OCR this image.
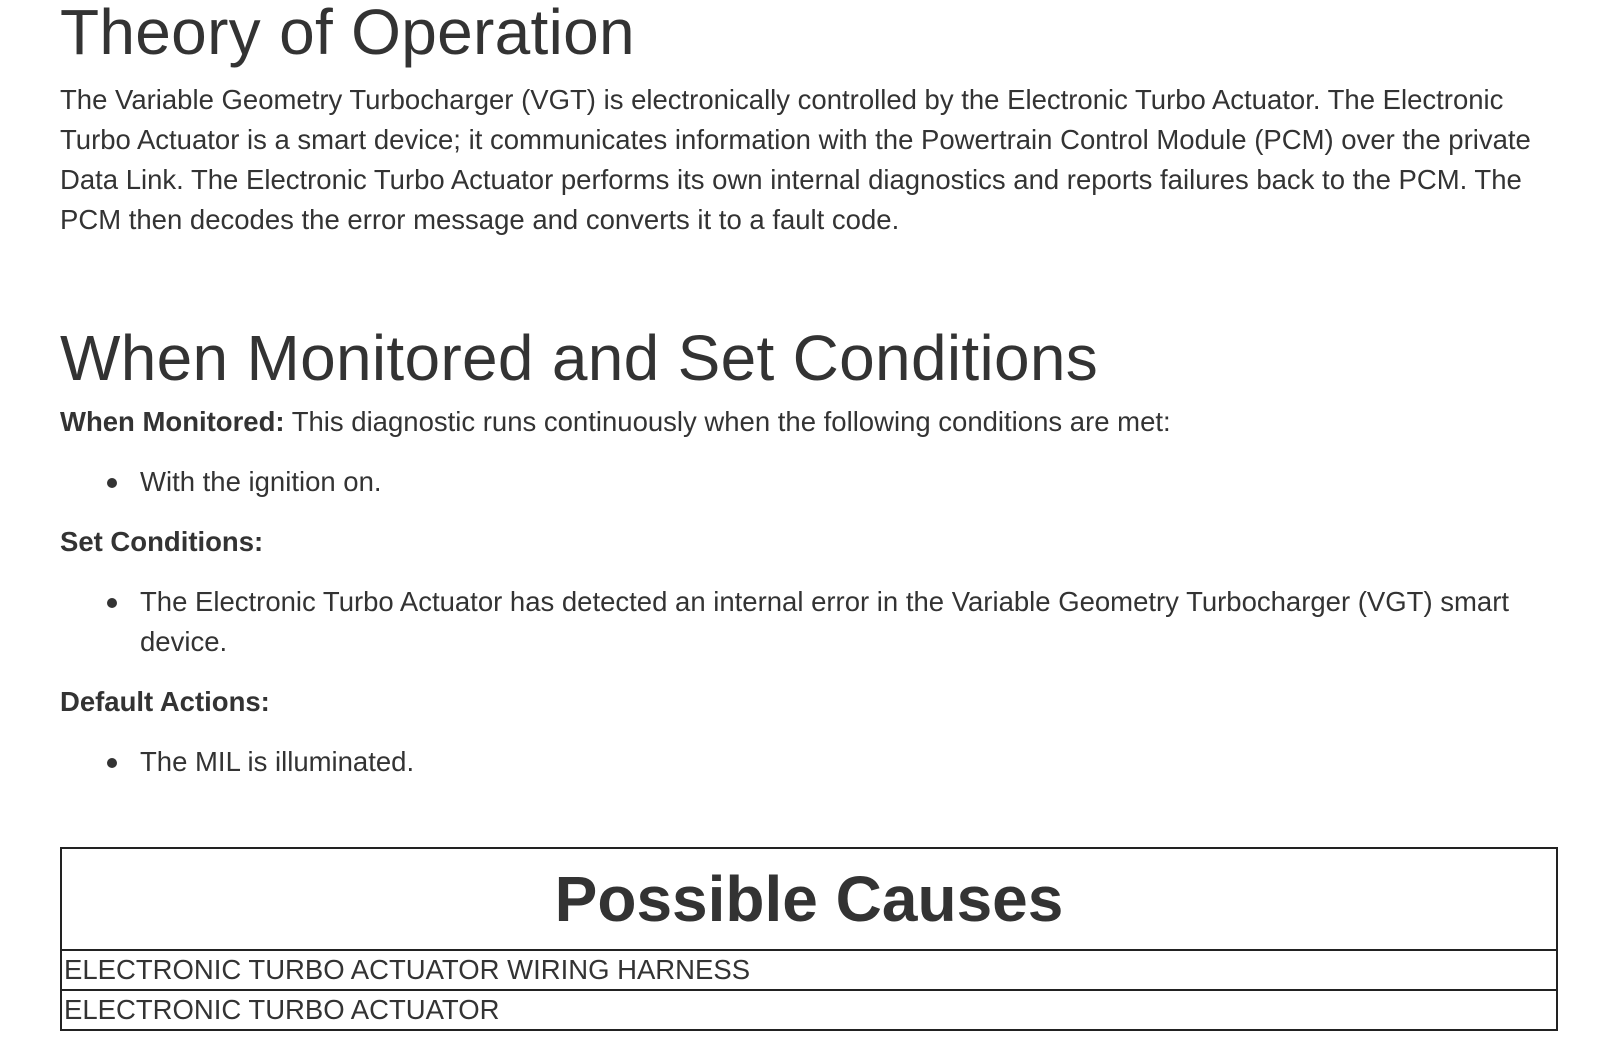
Theory of Operation

The Variable Geometry Turbocharger (VGT) is electronically controlled by the Electronic Turbo Actuator. The Electronic Turbo Actuator is a smart device; it communicates information with the Powertrain Control Module (PCM) over the private Data Link. The Electronic Turbo Actuator performs its own internal diagnostics and reports failures back to the PCM. The PCM then decodes the error message and converts it to a fault code.

When Monitored and Set Conditions

When Monitored: This diagnostic runs continuously when the following conditions are met:

With the ignition on.

Set Conditions:

The Electronic Turbo Actuator has detected an internal error in the Variable Geometry Turbocharger (VGT) smart device.

Default Actions:

The MIL is illuminated.
Possible Causes
ELECTRONIC TURBO ACTUATOR WIRING HARNESS
ELECTRONIC TURBO ACTUATOR
